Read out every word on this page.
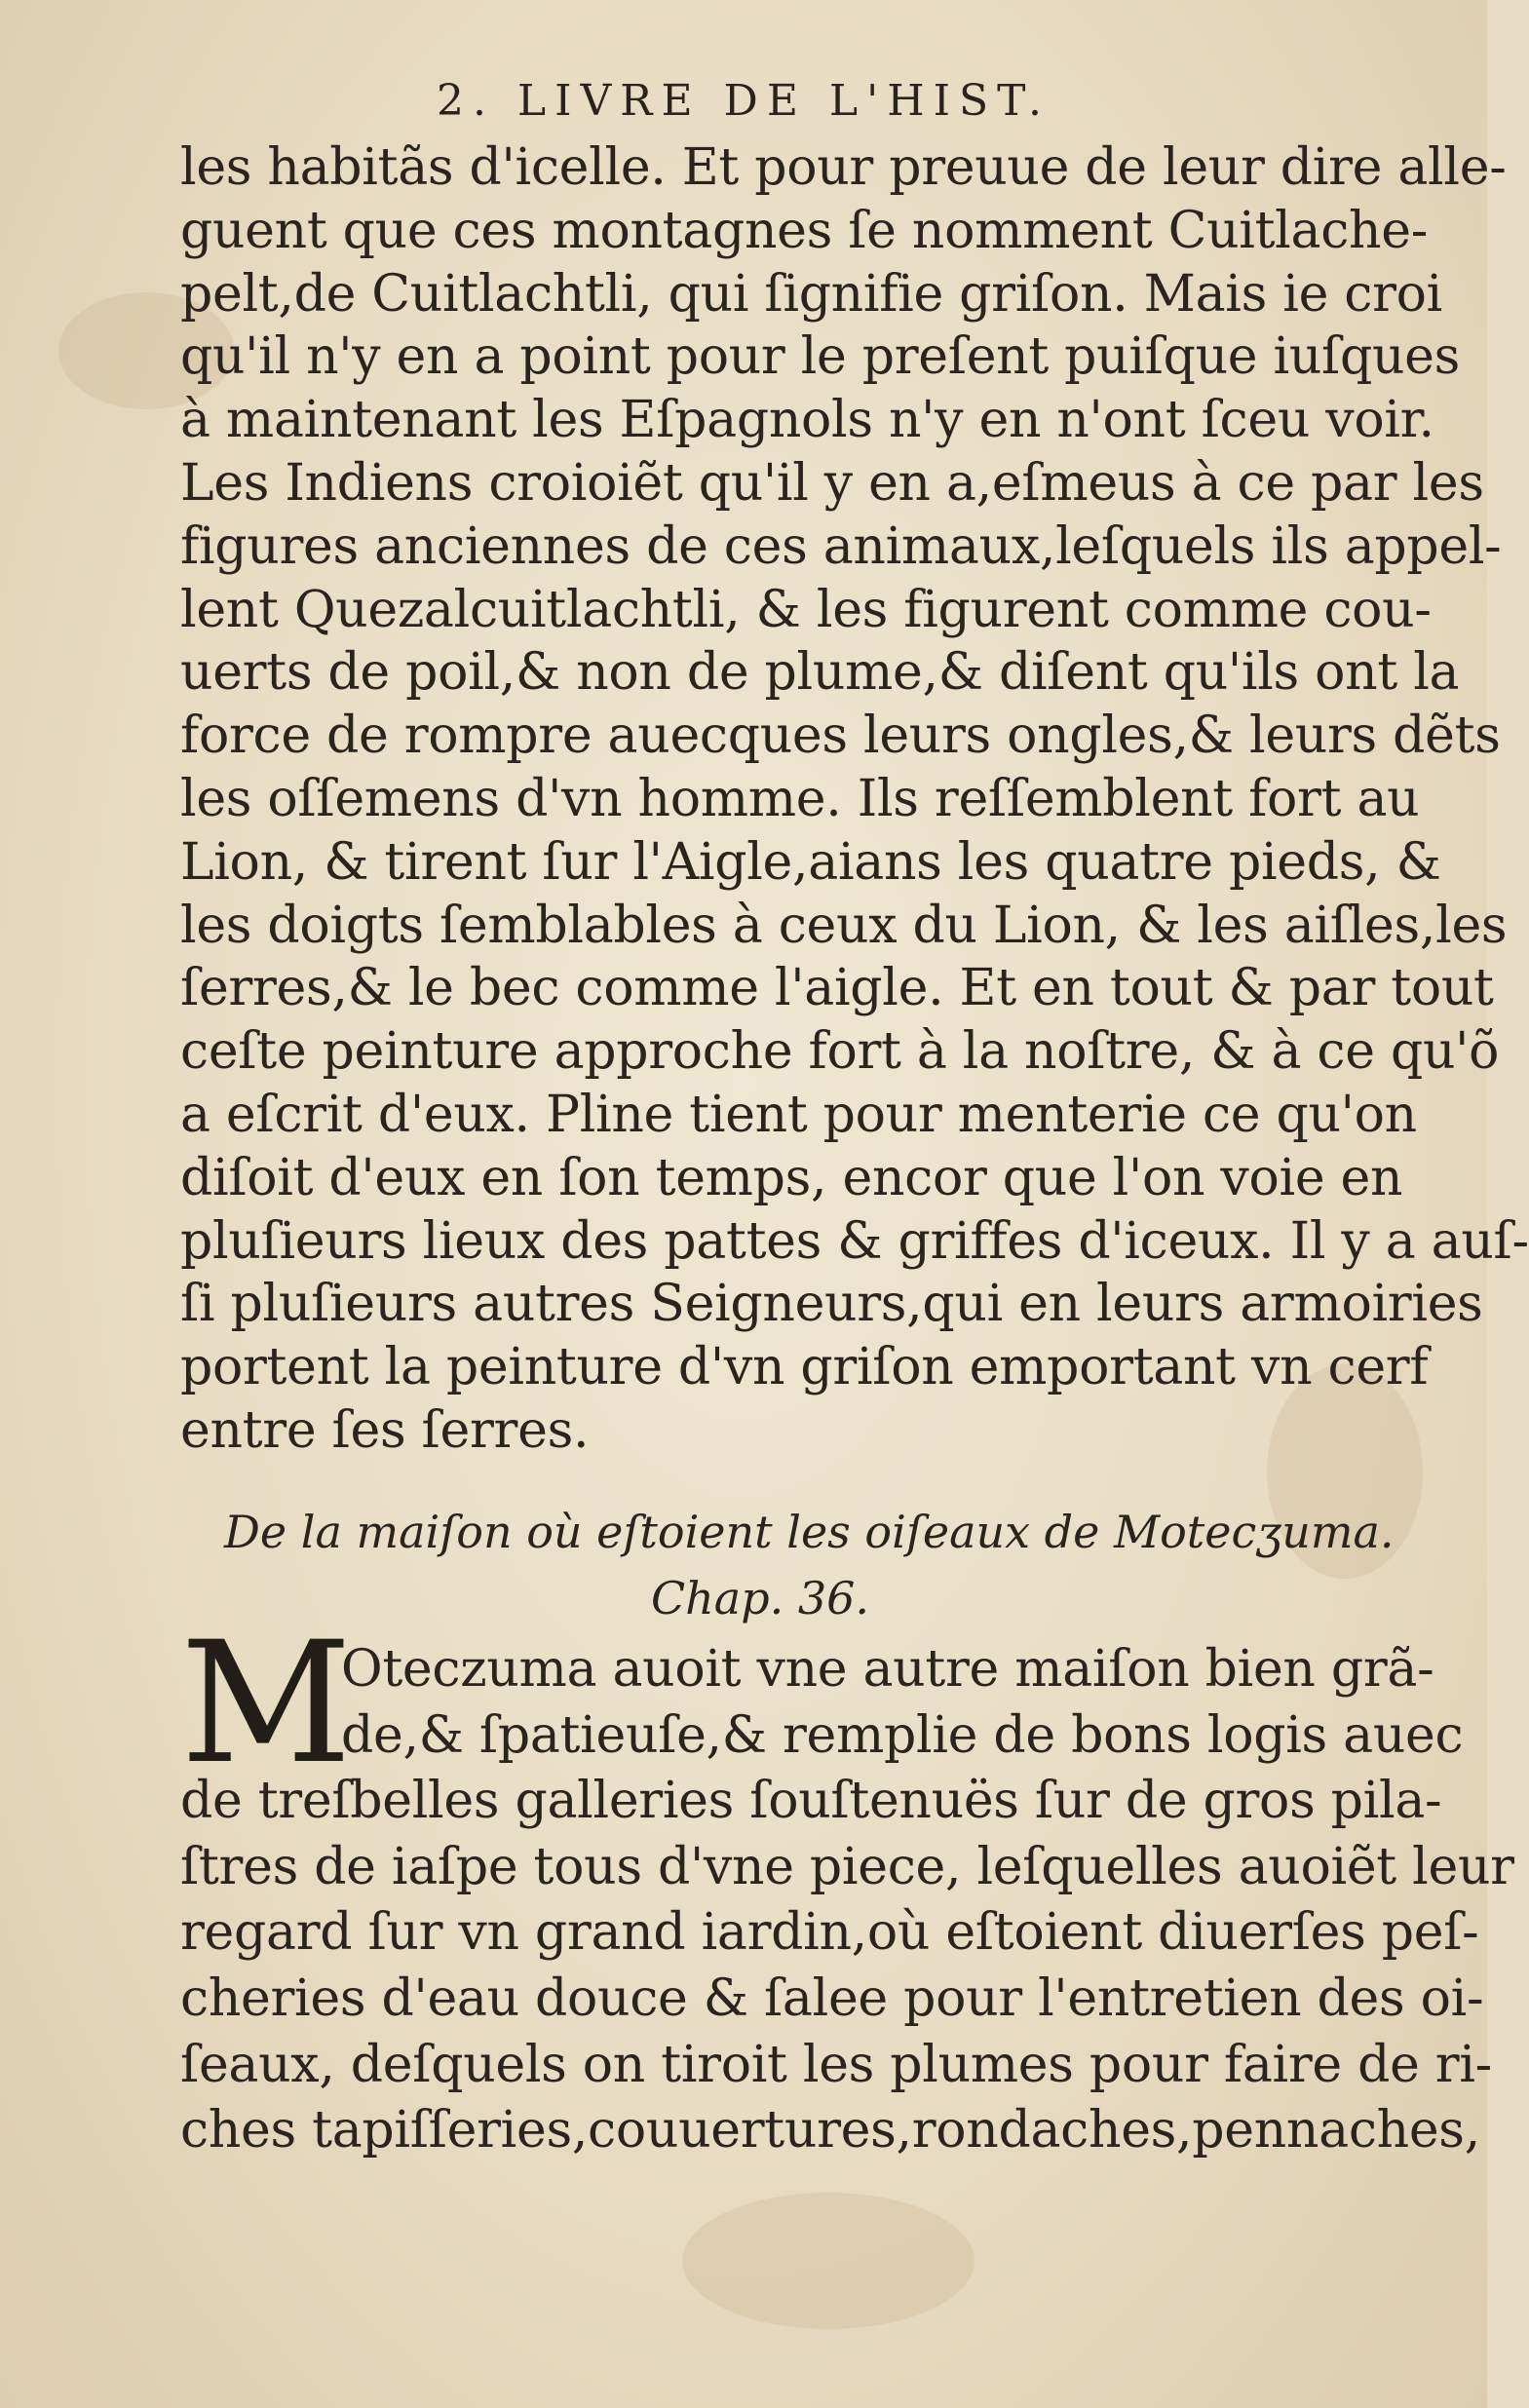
2. LIVRE DE L'HIST.
les habitãs d'icelle. Et pour preuue de leur dire alle-
guent que ces montagnes ſe nomment Cuitlache-
pelt,de Cuitlachtli, qui ſignifie griſon. Mais ie croi
qu'il n'y en a point pour le preſent puiſque iuſques
à maintenant les Eſpagnols n'y en n'ont ſceu voir.
Les Indiens croioiẽt qu'il y en a,eſmeus à ce par les
figures anciennes de ces animaux,leſquels ils appel-
lent Quezalcuitlachtli, & les figurent comme cou-
uerts de poil,& non de plume,& diſent qu'ils ont la
force de rompre auecques leurs ongles,& leurs dẽts
les oſſemens d'vn homme. Ils reſſemblent fort au
Lion, & tirent ſur l'Aigle,aians les quatre pieds, &
les doigts ſemblables à ceux du Lion, & les aiſles,les
ſerres,& le bec comme l'aigle. Et en tout & par tout
ceſte peinture approche fort à la noſtre, & à ce qu'õ
a eſcrit d'eux. Pline tient pour menterie ce qu'on
diſoit d'eux en ſon temps, encor que l'on voie en
pluſieurs lieux des pattes & griffes d'iceux. Il y a auſ-
ſi pluſieurs autres Seigneurs,qui en leurs armoiries
portent la peinture d'vn griſon emportant vn cerf
entre ſes ſerres.

De la maiſon où eſtoient les oiſeaux de Motecʒuma.

Chap. 36.

M
Oteczuma auoit vne autre maiſon bien grã-
de,& ſpatieuſe,& remplie de bons logis auec
de treſbelles galleries ſouſtenuës ſur de gros pila-
ſtres de iaſpe tous d'vne piece, leſquelles auoiẽt leur
regard ſur vn grand iardin,où eſtoient diuerſes peſ-
cheries d'eau douce & ſalee pour l'entretien des oi-
ſeaux, deſquels on tiroit les plumes pour faire de ri-
ches tapiſſeries,couuertures,rondaches,pennaches,
